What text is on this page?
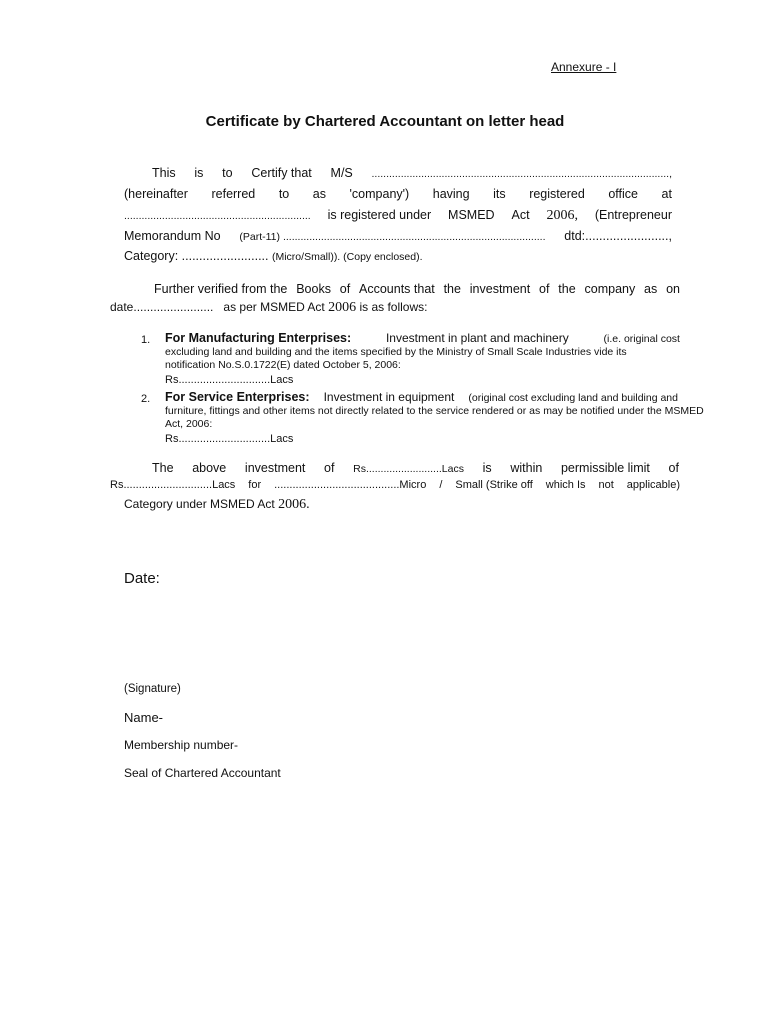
Annexure - I
Certificate by Chartered Accountant on letter head
This is to Certify that M/S ......................................................................................................,
(hereinafter referred to as 'company') having its registered office at
................................................................ is registered under MSMED Act 2006, (Entrepreneur
Memorandum No (Part-11) .......................................................................................... dtd:........................,
Category: ......................... (Micro/Small)). (Copy enclosed).
Further verified from the Books of Accounts that the investment of the company as on
date........................ as per MSMED Act 2006 is as follows:
1. For Manufacturing Enterprises:	Investment in plant and machinery	(i.e. original cost
excluding land and building and the items specified by the Ministry of Small Scale Industries vide its
notification No.S.0.1722(E) dated October 5, 2006:
Rs..............................Lacs
2. For Service Enterprises: Investment in equipment (original cost excluding land and building and
furniture, fittings and other items not directly related to the service rendered or as may be notified under the MSMED
Act, 2006:
Rs..............................Lacs
The above investment of Rs..........................Lacs is within permissible limit of
Rs.............................Lacs for .........................................Micro / Small (Strike off which Is not applicable)
Category under MSMED Act 2006.
Date:
(Signature)
Name-
Membership number-
Seal of Chartered Accountant
